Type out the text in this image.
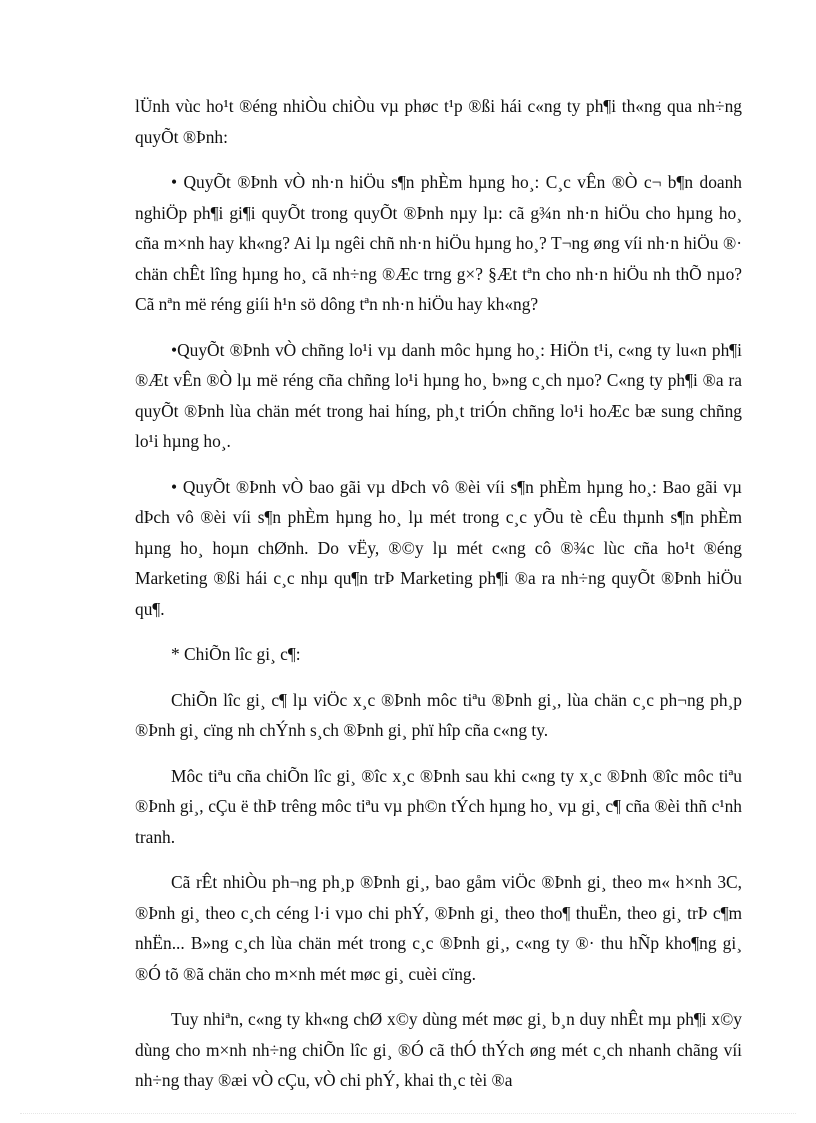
lÜnh vùc ho¹t ®éng nhiÒu chiÒu vµ phøc t¹p ®ßi hái c«ng ty ph¶i th«ng qua nh÷ng quyÕt ®Þnh:

• QuyÕt ®Þnh vÒ nh·n hiÖu s¶n phÈm hµng ho¸: C¸c vÊn ®Ò c¬ b¶n doanh nghiÖp ph¶i gi¶i quyÕt trong quyÕt ®Þnh nµy lµ: cã g¾n nh·n hiÖu cho hµng ho¸ cña m×nh hay kh«ng? Ai lµ ngêi chñ nh·n hiÖu hµng ho¸? T¬ng øng víi nh·n hiÖu ®· chän chÊt lîng hµng ho¸ cã nh÷ng ®Æc trng g×? §Æt tªn cho nh·n hiÖu nh thÕ nµo? Cã nªn më réng giíi h¹n sö dông tªn nh·n hiÖu hay kh«ng?

•QuyÕt ®Þnh vÒ chñng lo¹i vµ danh môc hµng ho¸: HiÖn t¹i, c«ng ty lu«n ph¶i ®Æt vÊn ®Ò lµ më réng cña chñng lo¹i hµng ho¸ b»ng c¸ch nµo? C«ng ty ph¶i ®a ra quyÕt ®Þnh lùa chän mét trong hai híng, ph¸t triÓn chñng lo¹i hoÆc bæ sung chñng lo¹i hµng ho¸.

• QuyÕt ®Þnh vÒ bao gãi vµ dÞch vô ®èi víi s¶n phÈm hµng ho¸: Bao gãi vµ dÞch vô ®èi víi s¶n phÈm hµng ho¸ lµ mét trong c¸c yÕu tè cÊu thµnh s¶n phÈm hµng ho¸ hoµn chØnh. Do vËy, ®©y lµ mét c«ng cô ®¾c lùc cña ho¹t ®éng Marketing ®ßi hái c¸c nhµ qu¶n trÞ Marketing ph¶i ®a ra nh÷ng quyÕt ®Þnh hiÖu qu¶.

* ChiÕn lîc gi¸ c¶:

ChiÕn lîc gi¸ c¶ lµ viÖc x¸c ®Þnh môc tiªu ®Þnh gi¸, lùa chän c¸c ph¬ng ph¸p ®Þnh gi¸ cïng nh chÝnh s¸ch ®Þnh gi¸ phï hîp cña c«ng ty.

Môc tiªu cña chiÕn lîc gi¸ ®îc x¸c ®Þnh sau khi c«ng ty x¸c ®Þnh ®îc môc tiªu ®Þnh gi¸, cÇu ë thÞ trêng môc tiªu vµ ph©n tÝch hµng ho¸ vµ gi¸ c¶ cña ®èi thñ c¹nh tranh.

Cã rÊt nhiÒu ph¬ng ph¸p ®Þnh gi¸, bao gåm viÖc ®Þnh gi¸ theo m« h×nh 3C, ®Þnh gi¸ theo c¸ch céng l·i vµo chi phÝ, ®Þnh gi¸ theo tho¶ thuËn, theo gi¸ trÞ c¶m nhËn... B»ng c¸ch lùa chän mét trong c¸c ®Þnh gi¸, c«ng ty ®· thu hÑp kho¶ng gi¸ ®Ó tõ ®ã chän cho m×nh mét møc gi¸ cuèi cïng.

Tuy nhiªn, c«ng ty kh«ng chØ x©y dùng mét møc gi¸ b¸n duy nhÊt mµ ph¶i x©y dùng cho m×nh nh÷ng chiÕn lîc gi¸ ®Ó cã thÓ thÝch øng mét c¸ch nhanh chãng víi nh÷ng thay ®æi vÒ cÇu, vÒ chi phÝ, khai th¸c tèi ®a
